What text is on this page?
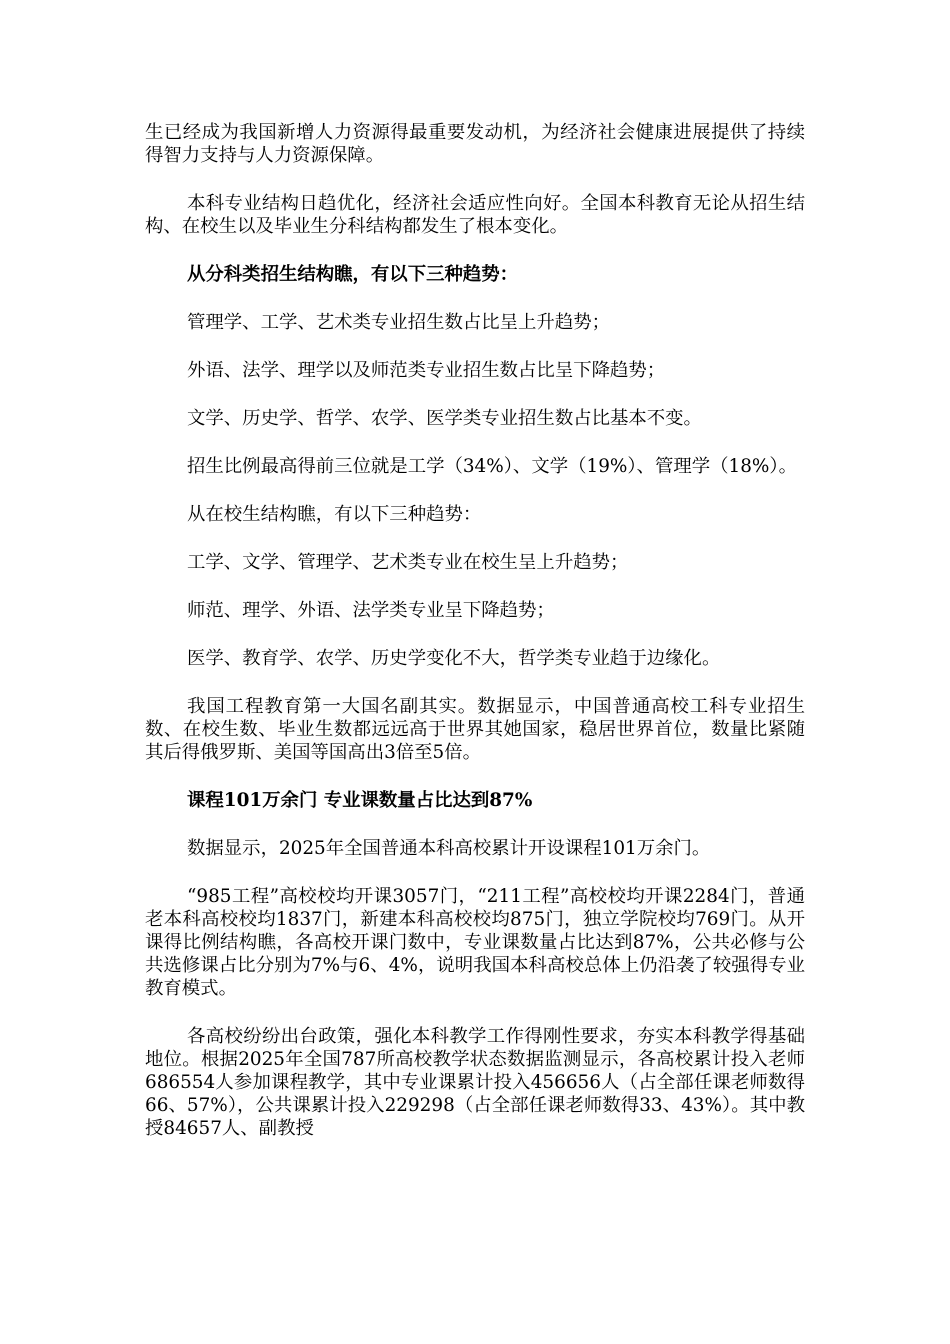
生已经成为我国新增人力资源得最重要发动机，为经济社会健康进展提供了持续得智力支持与人力资源保障。

本科专业结构日趋优化，经济社会适应性向好。全国本科教育无论从招生结构、在校生以及毕业生分科结构都发生了根本变化。

从分科类招生结构瞧，有以下三种趋势：

管理学、工学、艺术类专业招生数占比呈上升趋势；

外语、法学、理学以及师范类专业招生数占比呈下降趋势；

文学、历史学、哲学、农学、医学类专业招生数占比基本不变。

招生比例最高得前三位就是工学（34%）、文学（19%）、管理学（18%）。

从在校生结构瞧，有以下三种趋势：

工学、文学、管理学、艺术类专业在校生呈上升趋势；

师范、理学、外语、法学类专业呈下降趋势；

医学、教育学、农学、历史学变化不大，哲学类专业趋于边缘化。

我国工程教育第一大国名副其实。数据显示，中国普通高校工科专业招生数、在校生数、毕业生数都远远高于世界其她国家，稳居世界首位，数量比紧随其后得俄罗斯、美国等国高出3倍至5倍。

课程101万余门 专业课数量占比达到87%

数据显示，2025年全国普通本科高校累计开设课程101万余门。

“985工程”高校校均开课3057门，“211工程”高校校均开课2284门，普通老本科高校校均1837门，新建本科高校校均875门，独立学院校均769门。从开课得比例结构瞧，各高校开课门数中，专业课数量占比达到87%，公共必修与公共选修课占比分别为7%与6、4%，说明我国本科高校总体上仍沿袭了较强得专业教育模式。

各高校纷纷出台政策，强化本科教学工作得刚性要求，夯实本科教学得基础地位。根据2025年全国787所高校教学状态数据监测显示，各高校累计投入老师686554人参加课程教学，其中专业课累计投入456656人（占全部任课老师数得66、57%），公共课累计投入229298（占全部任课老师数得33、43%）。其中教授84657人、副教授
